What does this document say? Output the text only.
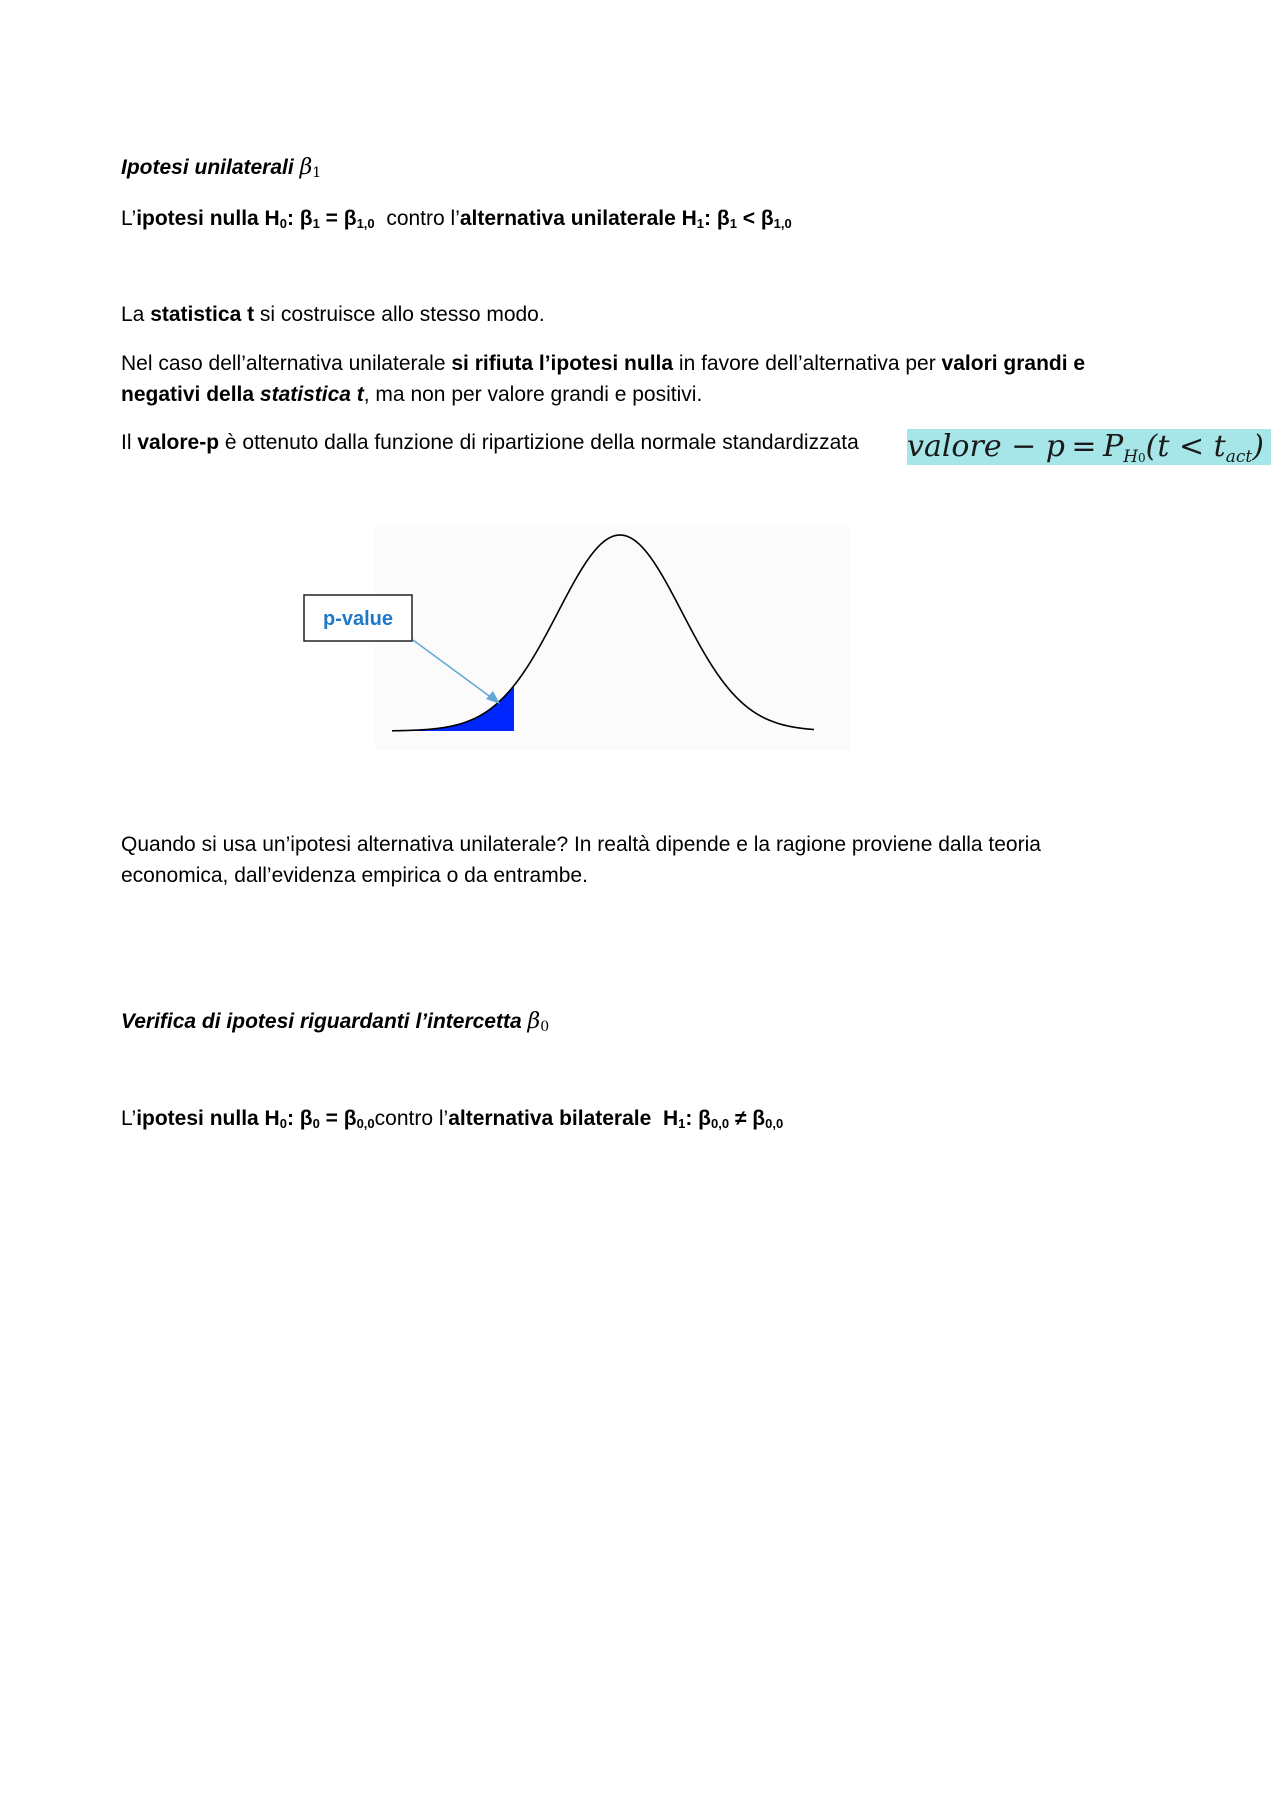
Ipotesi unilaterali $\beta_1$

L’ipotesi nulla $H_0$: $\beta_1 = \beta_{1,0}$  contro l’alternativa unilaterale $H_1$: $\beta_1 < \beta_{1,0}$

La statistica t si costruisce allo stesso modo.

Nel caso dell’alternativa unilaterale si rifiuta l’ipotesi nulla in favore dell’alternativa per valori grandi e negativi della statistica t, ma non per valore grandi e positivi.

Il valore-p è ottenuto dalla funzione di ripartizione della normale standardizzata valore − $p = P_{H0}(t < t_{act})$
p-value

Quando si usa un’ipotesi alternativa unilaterale? In realtà dipende e la ragione proviene dalla teoria economica, dall’evidenza empirica o da entrambe.

Verifica di ipotesi riguardanti l’intercetta $\beta_0$

L’ipotesi nulla $H_0$: $\beta_0$ = $\beta_{0,0}contro$ l’alternativa bilaterale  $H_1$: $\beta_{0,0} \ne \beta_{0,0}$
